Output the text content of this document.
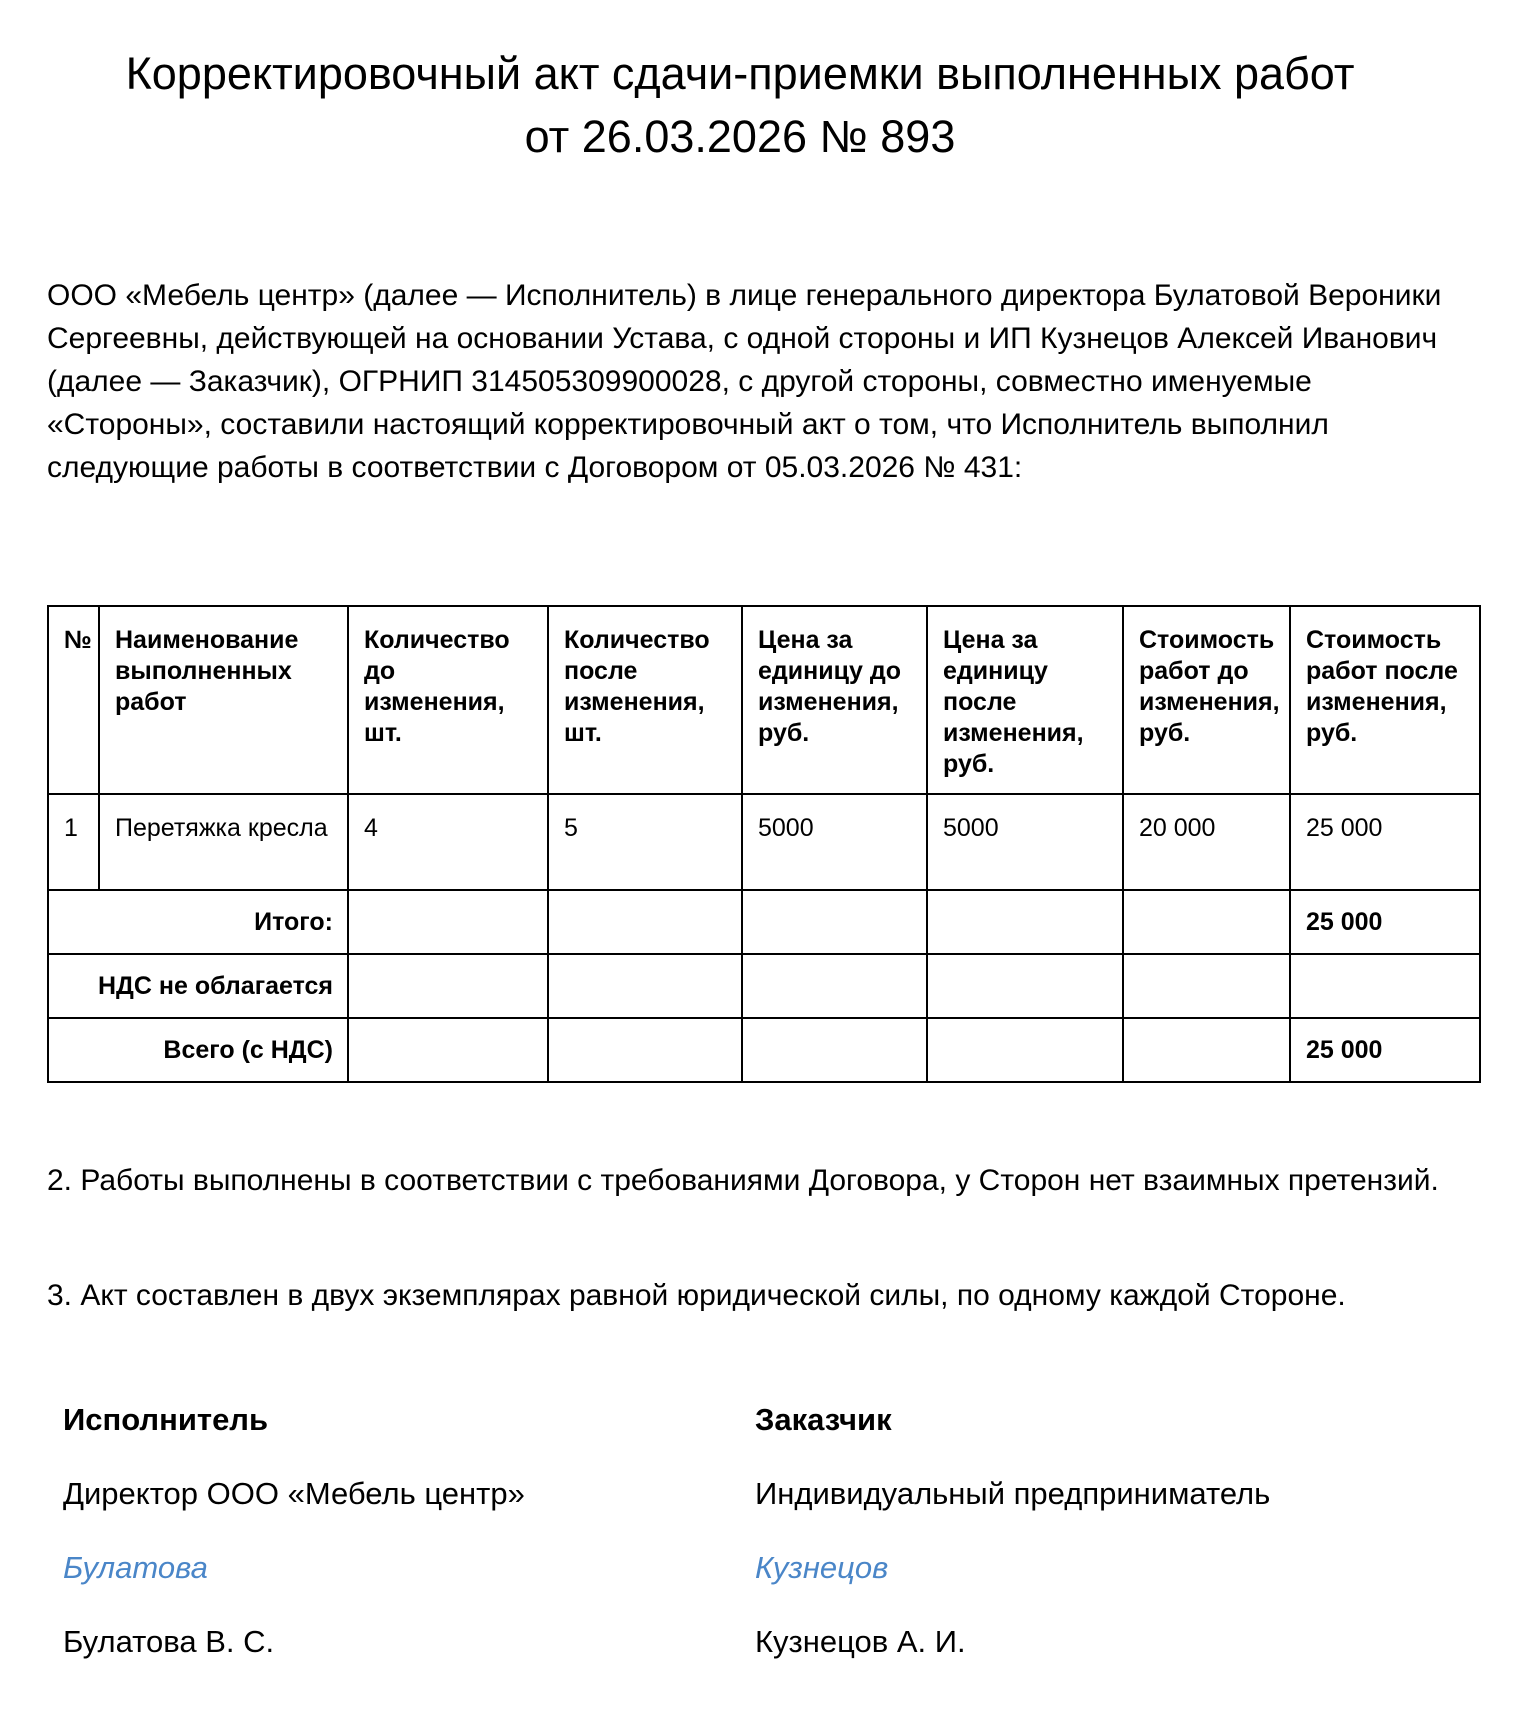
Корректировочный акт сдачи-приемки выполненных работ
от 26.03.2026 № 893

ООО «Мебель центр» (далее — Исполнитель) в лице генерального директора Булатовой Вероники Сергеевны, действующей на основании Устава, с одной стороны и ИП Кузнецов Алексей Иванович (далее — Заказчик), ОГРНИП 314505309900028, с другой стороны, совместно именуемые «Стороны», составили настоящий корректировочный акт о том, что Исполнитель выполнил следующие работы в соответствии с Договором от 05.03.2026 № 431:

№	Наименование выполненных работ	Количество до изменения, шт.	Количество после изменения, шт.	Цена за единицу до изменения, руб.	Цена за единицу после изменения, руб.	Стоимость работ до изменения, руб.	Стоимость работ после изменения, руб.
1	Перетяжка кресла	4	5	5000	5000	20 000	25 000
Итого:							25 000
НДС не облагается							
Всего (с НДС)							25 000

2. Работы выполнены в соответствии с требованиями Договора, у Сторон нет взаимных претензий.

3. Акт составлен в двух экземплярах равной юридической силы, по одному каждой Стороне.

Исполнитель
Директор ООО «Мебель центр»
Булатова
Булатова В. С.
Заказчик
Индивидуальный предприниматель
Кузнецов
Кузнецов А. И.
